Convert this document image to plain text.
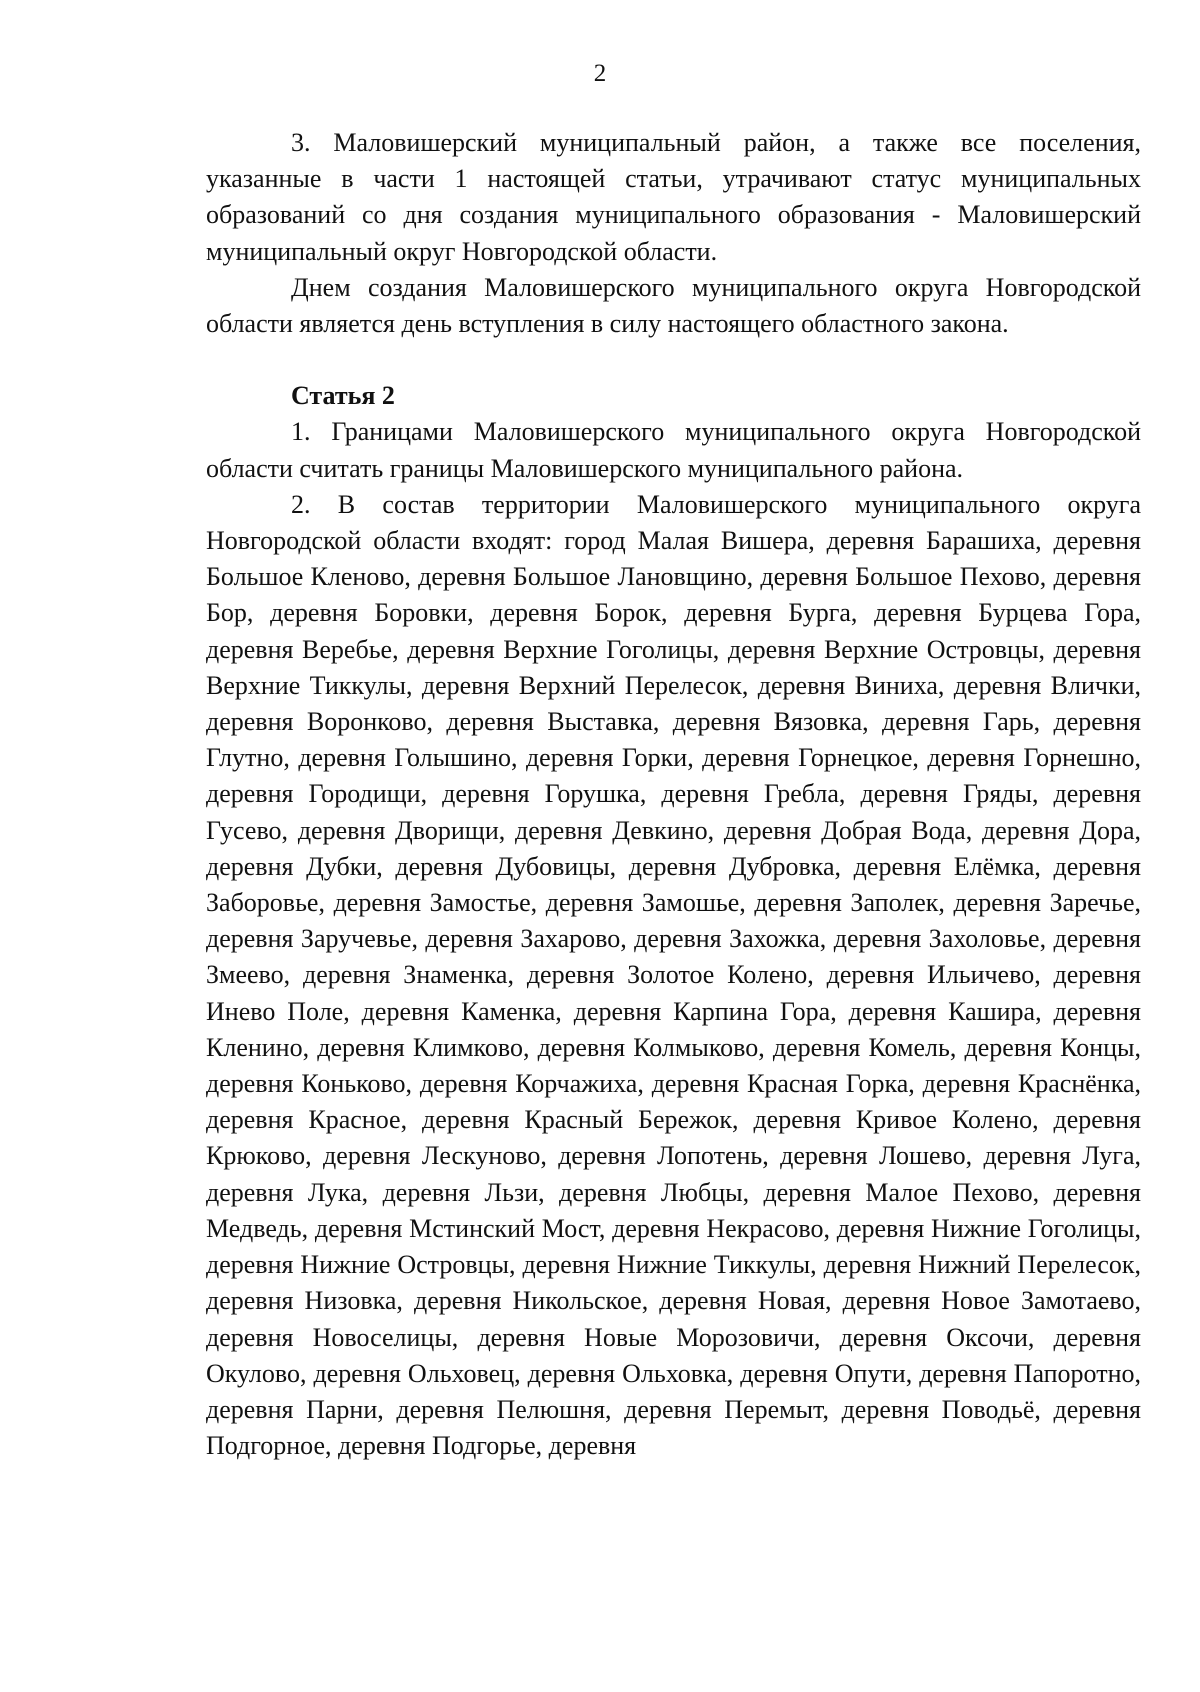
2

3. Маловишерский муниципальный район, а также все поселения, указанные в части 1 настоящей статьи, утрачивают статус муниципальных образований со дня создания муниципального образования - Маловишерский муниципальный округ Новгородской области.

Днем создания Маловишерского муниципального округа Новгородской области является день вступления в силу настоящего областного закона.

Статья 2

1. Границами Маловишерского муниципального округа Новгородской области считать границы Маловишерского муниципального района.

2. В состав территории Маловишерского муниципального округа Новгородской области входят: город Малая Вишера, деревня Барашиха, деревня Большое Кленово, деревня Большое Лановщино, деревня Большое Пехово, деревня Бор, деревня Боровки, деревня Борок, деревня Бурга, деревня Бурцева Гора, деревня Веребье, деревня Верхние Гоголицы, деревня Верхние Островцы, деревня Верхние Тиккулы, деревня Верхний Перелесок, деревня Виниха, деревня Влички, деревня Воронково, деревня Выставка, деревня Вязовка, деревня Гарь, деревня Глутно, деревня Голышино, деревня Горки, деревня Горнецкое, деревня Горнешно, деревня Городищи, деревня Горушка, деревня Гребла, деревня Гряды, деревня Гусево, деревня Дворищи, деревня Девкино, деревня Добрая Вода, деревня Дора, деревня Дубки, деревня Дубовицы, деревня Дубровка, деревня Елёмка, деревня Заборовье, деревня Замостье, деревня Замошье, деревня Заполек, деревня Заречье, деревня Заручевье, деревня Захарово, деревня Захожка, деревня Захоловье, деревня Змеево, деревня Знаменка, деревня Золотое Колено, деревня Ильичево, деревня Инево Поле, деревня Каменка, деревня Карпина Гора, деревня Кашира, деревня Кленино, деревня Климково, деревня Колмыково, деревня Комель, деревня Концы, деревня Коньково, деревня Корчажиха, деревня Красная Горка, деревня Краснёнка, деревня Красное, деревня Красный Бережок, деревня Кривое Колено, деревня Крюково, деревня Лескуново, деревня Лопотень, деревня Лошево, деревня Луга, деревня Лука, деревня Льзи, деревня Любцы, деревня Малое Пехово, деревня Медведь, деревня Мстинский Мост, деревня Некрасово, деревня Нижние Гоголицы, деревня Нижние Островцы, деревня Нижние Тиккулы, деревня Нижний Перелесок, деревня Низовка, деревня Никольское, деревня Новая, деревня Новое Замотаево, деревня Новоселицы, деревня Новые Морозовичи, деревня Оксочи, деревня Окулово, деревня Ольховец, деревня Ольховка, деревня Опути, деревня Папоротно, деревня Парни, деревня Пелюшня, деревня Перемыт, деревня Поводьё, деревня Подгорное, деревня Подгорье, деревня
